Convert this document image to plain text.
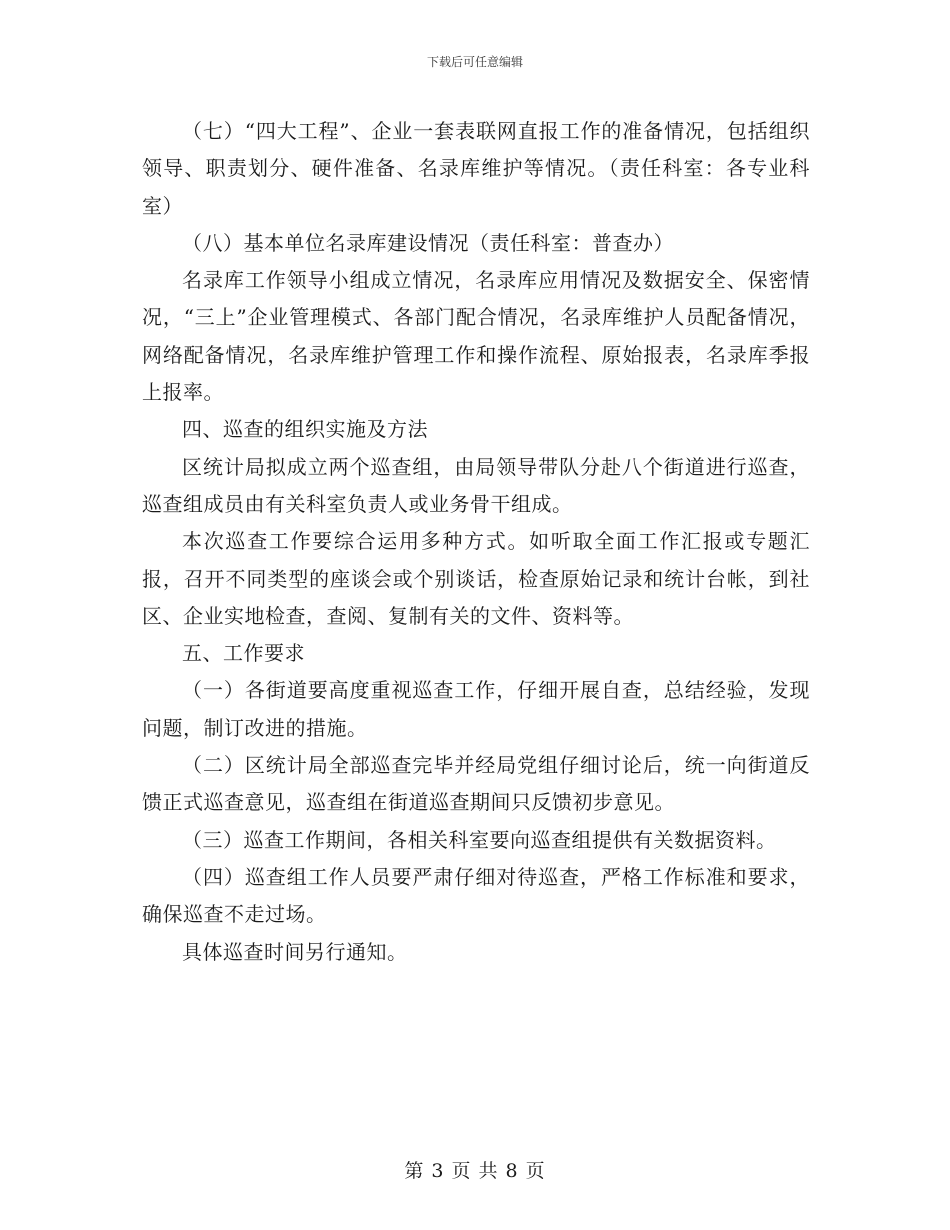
下载后可任意编辑

（七）“四大工程”、企业一套表联网直报工作的准备情况，包括组织领导、职责划分、硬件准备、名录库维护等情况。（责任科室：各专业科室）

（八）基本单位名录库建设情况（责任科室：普查办）

名录库工作领导小组成立情况，名录库应用情况及数据安全、保密情况，“三上”企业管理模式、各部门配合情况，名录库维护人员配备情况，网络配备情况，名录库维护管理工作和操作流程、原始报表，名录库季报上报率。

四、巡查的组织实施及方法

区统计局拟成立两个巡查组，由局领导带队分赴八个街道进行巡查，巡查组成员由有关科室负责人或业务骨干组成。

本次巡查工作要综合运用多种方式。如听取全面工作汇报或专题汇报，召开不同类型的座谈会或个别谈话，检查原始记录和统计台帐，到社区、企业实地检查，查阅、复制有关的文件、资料等。

五、工作要求

（一）各街道要高度重视巡查工作，仔细开展自查，总结经验，发现问题，制订改进的措施。

（二）区统计局全部巡查完毕并经局党组仔细讨论后，统一向街道反馈正式巡查意见，巡查组在街道巡查期间只反馈初步意见。

（三）巡查工作期间，各相关科室要向巡查组提供有关数据资料。

（四）巡查组工作人员要严肃仔细对待巡查，严格工作标准和要求，确保巡查不走过场。

具体巡查时间另行通知。

第 3 页 共 8 页
